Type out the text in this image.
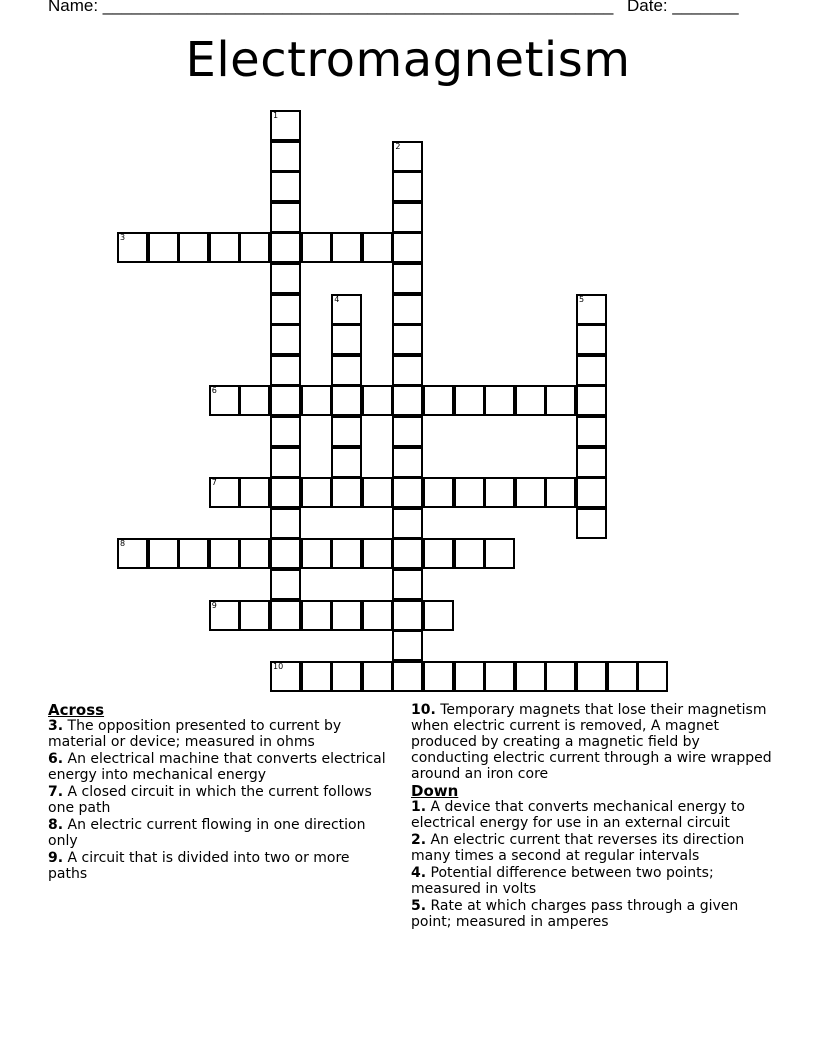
Name: ______________________________________________________ Date: _______
Electromagnetism
1
2
3
4	5
6
7
8
9
10
Across
3. The opposition presented to current by material or device; measured in ohms
6. An electrical machine that converts electrical energy into mechanical energy
7. A closed circuit in which the current follows one path
8. An electric current flowing in one direction only
9. A circuit that is divided into two or more paths
10. Temporary magnets that lose their magnetism when electric current is removed, A magnet produced by creating a magnetic field by conducting electric current through a wire wrapped around an iron core
Down
1. A device that converts mechanical energy to electrical energy for use in an external circuit
2. An electric current that reverses its direction many times a second at regular intervals
4. Potential difference between two points; measured in volts
5. Rate at which charges pass through a given point; measured in amperes
